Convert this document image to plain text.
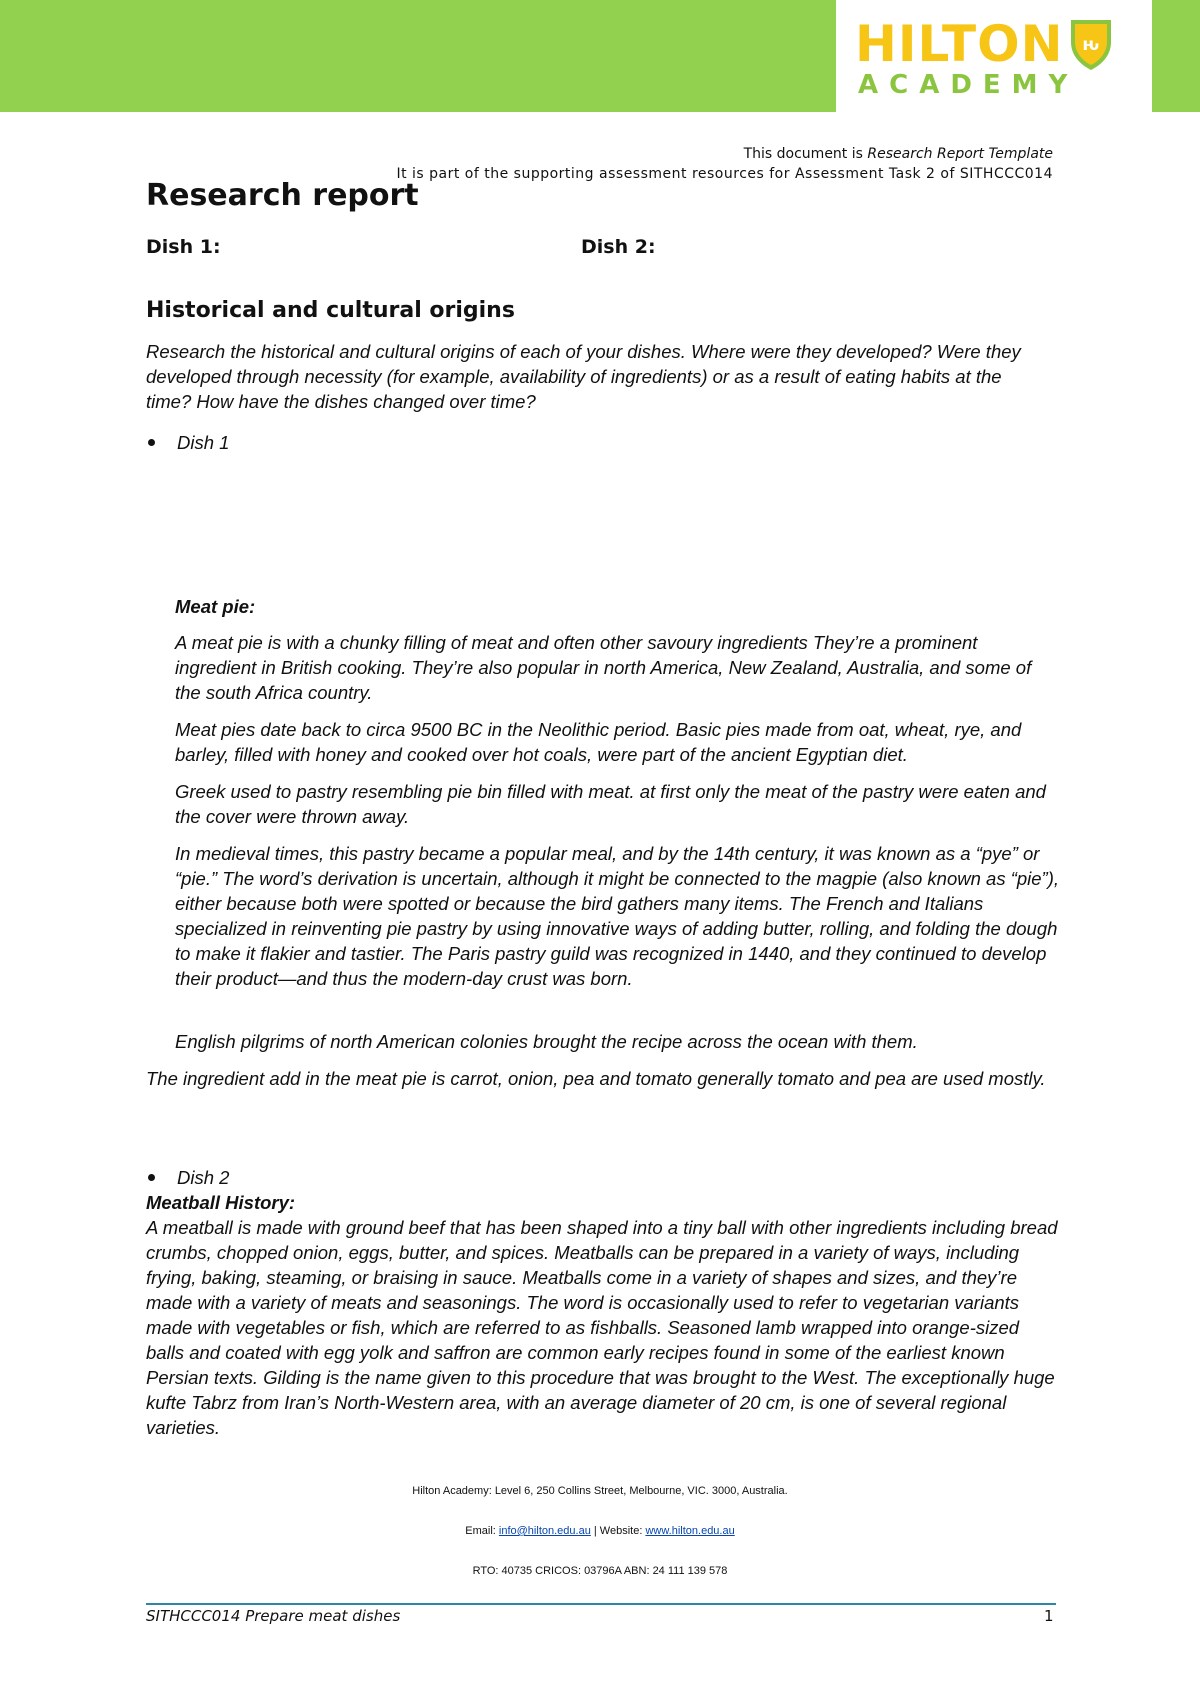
HILTON ԋ
ACADEMY
This document is Research Report Template
It is part of the supporting assessment resources for Assessment Task 2 of SITHCCC014
Research report
Dish 1:	Dish 2:
Historical and cultural origins

Research the historical and cultural origins of each of your dishes. Where were they developed? Were they developed through necessity (for example, availability of ingredients) or as a result of eating habits at the time? How have the dishes changed over time?

Dish 1
Meat pie:

A meat pie is with a chunky filling of meat and often other savoury ingredients They’re a prominent ingredient in British cooking. They’re also popular in north America, New Zealand, Australia, and some of the south Africa country.

Meat pies date back to circa 9500 BC in the Neolithic period. Basic pies made from oat, wheat, rye, and barley, filled with honey and cooked over hot coals, were part of the ancient Egyptian diet.

Greek used to pastry resembling pie bin filled with meat. at first only the meat of the pastry were eaten and the cover were thrown away.

In medieval times, this pastry became a popular meal, and by the 14th century, it was known as a “pye” or “pie.” The word’s derivation is uncertain, although it might be connected to the magpie (also known as “pie”), either because both were spotted or because the bird gathers many items. The French and Italians specialized in reinventing pie pastry by using innovative ways of adding butter, rolling, and folding the dough to make it flakier and tastier. The Paris pastry guild was recognized in 1440, and they continued to develop their product—and thus the modern-day crust was born.

English pilgrims of north American colonies brought the recipe across the ocean with them.

The ingredient add in the meat pie is carrot, onion, pea and tomato generally tomato and pea are used mostly.

Dish 2
Meatball History:

A meatball is made with ground beef that has been shaped into a tiny ball with other ingredients including bread crumbs, chopped onion, eggs, butter, and spices. Meatballs can be prepared in a variety of ways, including frying, baking, steaming, or braising in sauce. Meatballs come in a variety of shapes and sizes, and they’re made with a variety of meats and seasonings. The word is occasionally used to refer to vegetarian variants made with vegetables or fish, which are referred to as fishballs. Seasoned lamb wrapped into orange-sized balls and coated with egg yolk and saffron are common early recipes found in some of the earliest known Persian texts. Gilding is the name given to this procedure that was brought to the West. The exceptionally huge kufte Tabrz from Iran’s North-Western area, with an average diameter of 20 cm, is one of several regional varieties.

Hilton Academy: Level 6, 250 Collins Street, Melbourne, VIC. 3000, Australia.
Email: info@hilton.edu.au | Website: www.hilton.edu.au
RTO: 40735 CRICOS: 03796A ABN: 24 111 139 578
SITHCCC014 Prepare meat dishes	1
